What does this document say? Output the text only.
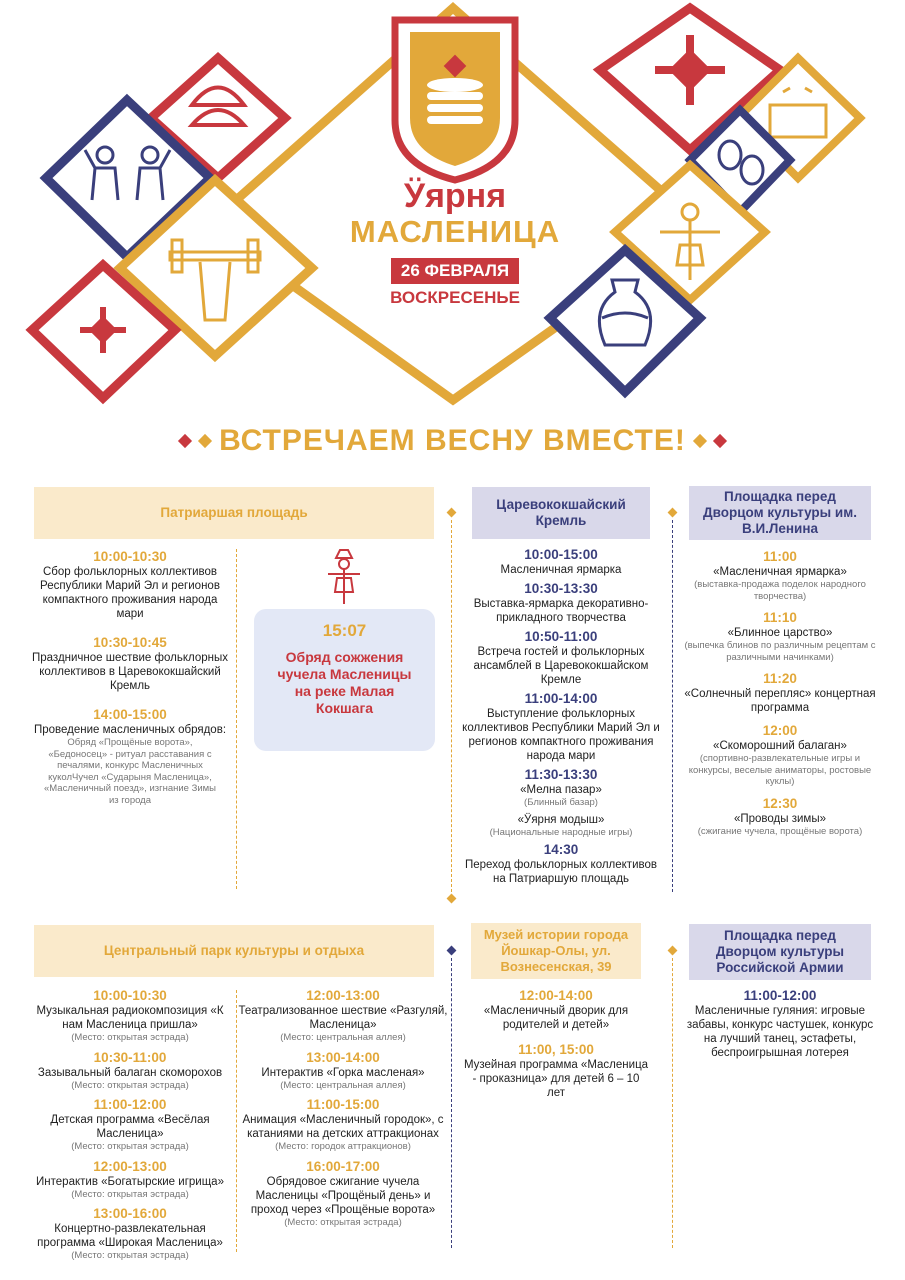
Ӱярня
МАСЛЕНИЦА
26 ФЕВРАЛЯ
ВОСКРЕСЕНЬЕ
ВСТРЕЧАЕМ ВЕСНУ ВМЕСТЕ!
Патриаршая площадь
10:00-10:30
Сбор фольклорных коллективов Республики Марий Эл и регионов компактного проживания народа мари
10:30-10:45
Праздничное шествие фольклорных коллективов в Царевококшайский Кремль
14:00-15:00
Проведение масленичных обрядов:
Обряд «Прощёные ворота», «Бедоносец» - ритуал расставания с печалями, конкурс Масленичных куколЧучел «Сударыня Масленица», «Масленичный поезд», изгнание Зимы из города
15:07
Обряд сожжения чучела Масленицы на реке Малая Кокшага
Царевококшайский Кремль
10:00-15:00
Масленичная ярмарка
10:30-13:30
Выставка-ярмарка декоративно-прикладного творчества
10:50-11:00
Встреча гостей и фольклорных ансамблей в Царевококшайском Кремле
11:00-14:00
Выступление фольклорных коллективов Республики Марий Эл и регионов компактного проживания народа мари
11:30-13:30
«Мелна пазар»
(Блинный базар)
«Ӱярня модыш»
(Национальные народные игры)
14:30
Переход фольклорных коллективов на Патриаршую площадь
Площадка перед Дворцом культуры им. В.И.Ленина
11:00
«Масленичная ярмарка»
(выставка-продажа поделок народного творчества)
11:10
«Блинное царство»
(выпечка блинов по различным рецептам с различными начинками)
11:20
«Солнечный перепляс» концертная программа
12:00
«Скоморошний балаган»
(спортивно-развлекательные игры и конкурсы, веселые аниматоры, ростовые куклы)
12:30
«Проводы зимы»
(сжигание чучела, прощёные ворота)
Центральный парк культуры и отдыха
10:00-10:30
Музыкальная радиокомпозиция «К нам Масленица пришла»
(Место: открытая эстрада)
10:30-11:00
Зазывальный балаган скоморохов
(Место: открытая эстрада)
11:00-12:00
Детская программа «Весёлая Масленица»
(Место: открытая эстрада)
12:00-13:00
Интерактив «Богатырские игрища»
(Место: открытая эстрада)
13:00-16:00
Концертно-развлекательная программа «Широкая Масленица»
(Место: открытая эстрада)
12:00-13:00
Театрализованное шествие «Разгуляй, Масленица»
(Место: центральная аллея)
13:00-14:00
Интерактив «Горка масленая»
(Место: центральная аллея)
11:00-15:00
Анимация «Масленичный городок», с катаниями на детских аттракционах
(Место: городок аттракционов)
16:00-17:00
Обрядовое сжигание чучела Масленицы «Прощёный день» и проход через «Прощёные ворота»
(Место: открытая эстрада)
Музей истории города Йошкар-Олы, ул. Вознесенская, 39
12:00-14:00
«Масленичный дворик для родителей и детей»
11:00, 15:00
Музейная программа «Масленица - проказница» для детей 6 – 10 лет
Площадка перед Дворцом культуры Российской Армии
11:00-12:00
Масленичные гуляния: игровые забавы, конкурс частушек, конкурс на лучший танец, эстафеты, беспроигрышная лотерея
